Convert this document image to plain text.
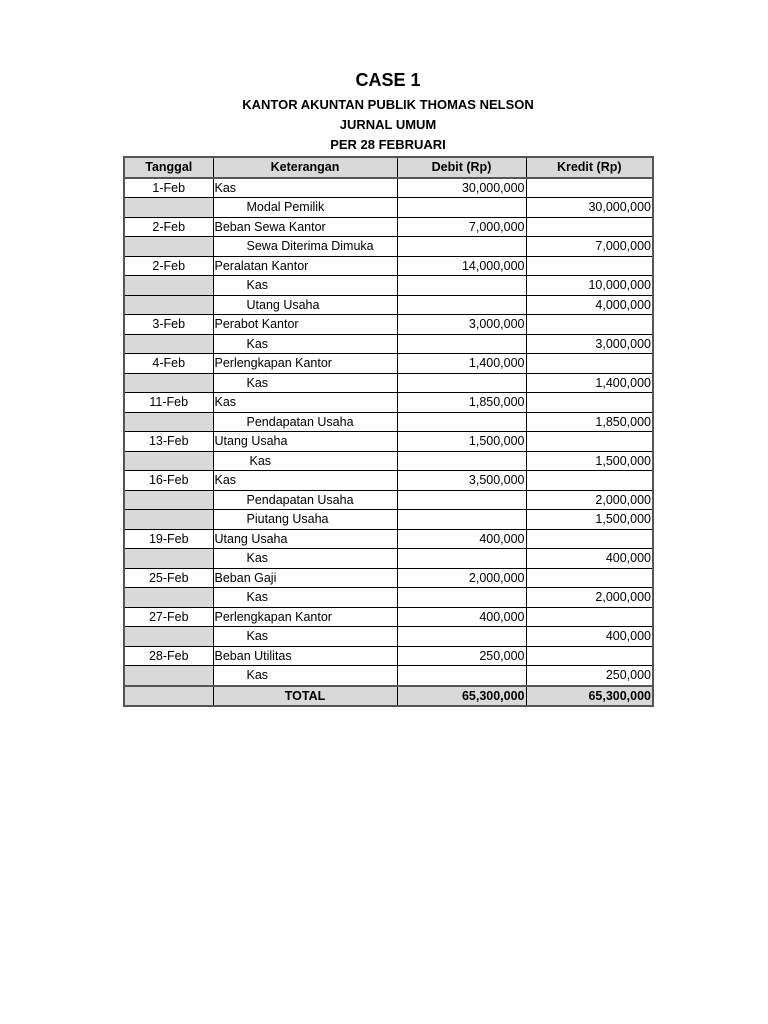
CASE 1
KANTOR AKUNTAN PUBLIK THOMAS NELSON
JURNAL UMUM
PER 28 FEBRUARI
Tanggal	Keterangan	Debit (Rp)	Kredit (Rp)
1-Feb	Kas	30,000,000	
	Modal Pemilik		30,000,000
2-Feb	Beban Sewa Kantor	7,000,000	
	Sewa Diterima Dimuka		7,000,000
2-Feb	Peralatan Kantor	14,000,000	
	Kas		10,000,000
	Utang Usaha		4,000,000
3-Feb	Perabot Kantor	3,000,000	
	Kas		3,000,000
4-Feb	Perlengkapan Kantor	1,400,000	
	Kas		1,400,000
11-Feb	Kas	1,850,000	
	Pendapatan Usaha		1,850,000
13-Feb	Utang Usaha	1,500,000	
	Kas		1,500,000
16-Feb	Kas	3,500,000	
	Pendapatan Usaha		2,000,000
	Piutang Usaha		1,500,000
19-Feb	Utang Usaha	400,000	
	Kas		400,000
25-Feb	Beban Gaji	2,000,000	
	Kas		2,000,000
27-Feb	Perlengkapan Kantor	400,000	
	Kas		400,000
28-Feb	Beban Utilitas	250,000	
	Kas		250,000
	TOTAL	65,300,000	65,300,000
